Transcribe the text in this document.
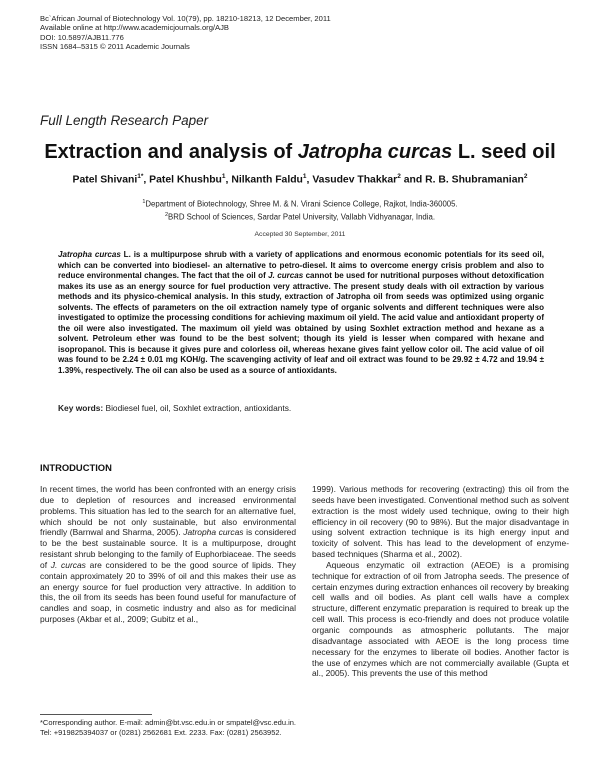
Bc`African Journal of Biotechnology Vol. 10(79), pp. 18210-18213, 12 December, 2011
Available online at http://www.academicjournals.org/AJB
DOI: 10.5897/AJB11.776
ISSN 1684–5315 © 2011 Academic Journals
Full Length Research Paper
Extraction and analysis of Jatropha curcas L. seed oil
Patel Shivani$^{1*}$, Patel Khushbu$^1$, Nilkanth Faldu$^1$, Vasudev Thakkar$^2$ and R. B. Shubramanian$^2$
$^1$Department of Biotechnology, Shree M. & N. Virani Science College, Rajkot, India-360005.
$^2$BRD School of Sciences, Sardar Patel University, Vallabh Vidhyanagar, India.
Accepted 30 September, 2011
Jatropha curcas L. is a multipurpose shrub with a variety of applications and enormous economic potentials for its seed oil, which can be converted into biodiesel- an alternative to petro-diesel. It aims to overcome energy crisis problem and also to reduce environmental changes. The fact that the oil of J. curcas cannot be used for nutritional purposes without detoxification makes its use as an energy source for fuel production very attractive. The present study deals with oil extraction by various methods and its physico-chemical analysis. In this study, extraction of Jatropha oil from seeds was optimized using organic solvents. The effects of parameters on the oil extraction namely type of organic solvents and different techniques were also investigated to optimize the processing conditions for achieving maximum oil yield. The acid value and antioxidant property of the oil were also investigated. The maximum oil yield was obtained by using Soxhlet extraction method and hexane as a solvent. Petroleum ether was found to be the best solvent; though its yield is lesser when compared with hexane and isopropanol. This is because it gives pure and colorless oil, whereas hexane gives faint yellow color oil. The acid value of oil was found to be 2.24 ± 0.01 mg KOH/g. The scavenging activity of leaf and oil extract was found to be 29.92 ± 4.72 and 19.94 ± 1.39%, respectively. The oil can also be used as a source of antioxidants.
Key words: Biodiesel fuel, oil, Soxhlet extraction, antioxidants.
INTRODUCTION

In recent times, the world has been confronted with an energy crisis due to depletion of resources and increased environmental problems. This situation has led to the search for an alternative fuel, which should be not only sustainable, but also environmental friendly (Barnwal and Sharma, 2005). Jatropha curcas is considered to be the best sustainable source. It is a multipurpose, drought resistant shrub belonging to the family of Euphorbiaceae. The seeds of J. curcas are considered to be the good source of lipids. They contain approximately 20 to 39% of oil and this makes their use as an energy source for fuel production very attractive. In addition to this, the oil from its seeds has been found useful for manufacture of candles and soap, in cosmetic industry and also as for medicinal purposes (Akbar et al., 2009; Gubitz et al.,

1999). Various methods for recovering (extracting) this oil from the seeds have been investigated. Conventional method such as solvent extraction is the most widely used technique, owing to their high efficiency in oil recovery (90 to 98%). But the major disadvantage in using solvent extraction technique is its high energy input and toxicity of solvent. This has lead to the development of enzyme-based techniques (Sharma et al., 2002).

Aqueous enzymatic oil extraction (AEOE) is a promising technique for extraction of oil from Jatropha seeds. The presence of certain enzymes during extraction enhances oil recovery by breaking cell walls and oil bodies. As plant cell walls have a complex structure, different enzymatic preparation is required to break up the cell wall. This process is eco-friendly and does not produce volatile organic compounds as atmospheric pollutants. The major disadvantage associated with AEOE is the long process time necessary for the enzymes to liberate oil bodies. Another factor is the use of enzymes which are not commercially available (Gupta et al., 2005). This prevents the use of this method

*Corresponding author. E-mail: admin@bt.vsc.edu.in or smpatel@vsc.edu.in. Tel: +919825394037 or (0281) 2562681 Ext. 2233. Fax: (0281) 2563952.
